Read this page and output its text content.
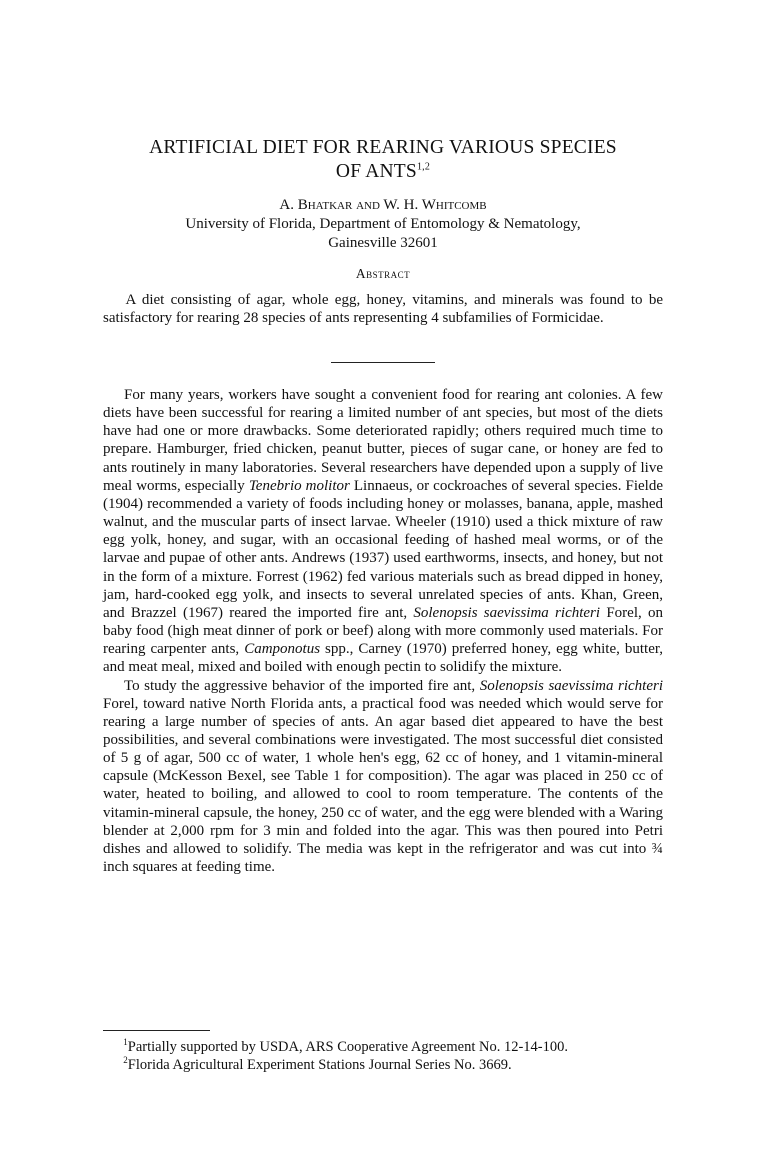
ARTIFICIAL DIET FOR REARING VARIOUS SPECIES
OF ANTS$^{1,2}$
A. Bhatkar and W. H. Whitcomb
University of Florida, Department of Entomology & Nematology,
Gainesville 32601
Abstract

A diet consisting of agar, whole egg, honey, vitamins, and minerals was found to be satisfactory for rearing 28 species of ants representing 4 subfamilies of Formicidae.

For many years, workers have sought a convenient food for rearing ant colonies. A few diets have been successful for rearing a limited number of ant species, but most of the diets have had one or more drawbacks. Some deteriorated rapidly; others required much time to prepare. Hamburger, fried chicken, peanut butter, pieces of sugar cane, or honey are fed to ants routinely in many laboratories. Several researchers have depended upon a supply of live meal worms, especially Tenebrio molitor Linnaeus, or cockroaches of several species. Fielde (1904) recommended a variety of foods including honey or molasses, banana, apple, mashed walnut, and the muscular parts of insect larvae. Wheeler (1910) used a thick mixture of raw egg yolk, honey, and sugar, with an occasional feeding of hashed meal worms, or of the larvae and pupae of other ants. Andrews (1937) used earthworms, insects, and honey, but not in the form of a mixture. Forrest (1962) fed various materials such as bread dipped in honey, jam, hard-cooked egg yolk, and insects to several unrelated species of ants. Khan, Green, and Brazzel (1967) reared the imported fire ant, Solenopsis saevissima richteri Forel, on baby food (high meat dinner of pork or beef) along with more commonly used materials. For rearing carpenter ants, Camponotus spp., Carney (1970) preferred honey, egg white, butter, and meat meal, mixed and boiled with enough pectin to solidify the mixture.

To study the aggressive behavior of the imported fire ant, Solenopsis saevissima richteri Forel, toward native North Florida ants, a practical food was needed which would serve for rearing a large number of species of ants. An agar based diet appeared to have the best possibilities, and several combinations were investigated. The most successful diet consisted of 5 g of agar, 500 cc of water, 1 whole hen's egg, 62 cc of honey, and 1 vitamin-mineral capsule (McKesson Bexel, see Table 1 for composition). The agar was placed in 250 cc of water, heated to boiling, and allowed to cool to room temperature. The contents of the vitamin-mineral capsule, the honey, 250 cc of water, and the egg were blended with a Waring blender at 2,000 rpm for 3 min and folded into the agar. This was then poured into Petri dishes and allowed to solidify. The media was kept in the refrigerator and was cut into ¾ inch squares at feeding time.

$^1$Partially supported by USDA, ARS Cooperative Agreement No. 12-14-100.

$^2$Florida Agricultural Experiment Stations Journal Series No. 3669.
